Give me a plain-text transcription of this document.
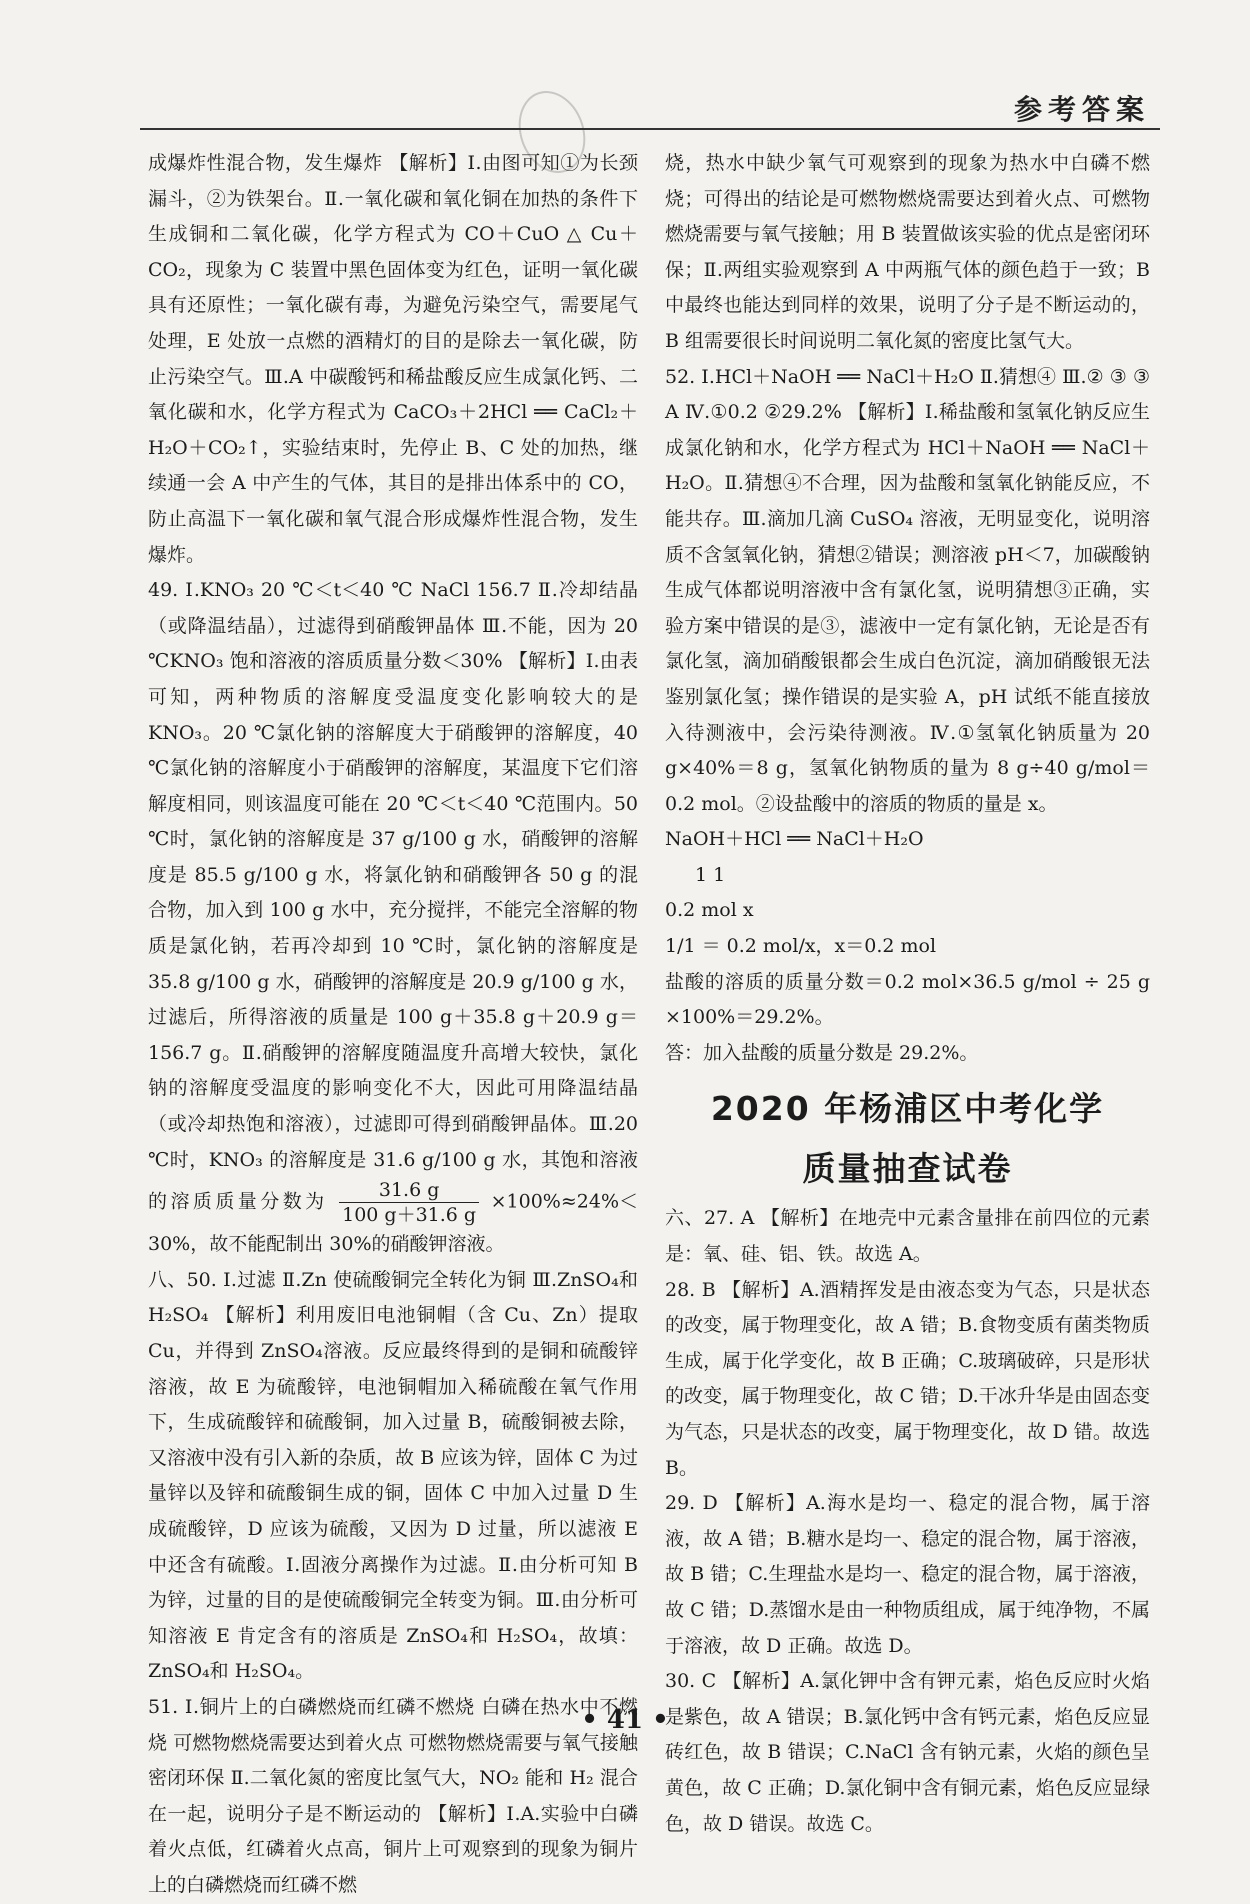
参考答案

成爆炸性混合物，发生爆炸 【解析】Ⅰ.由图可知①为长颈漏斗，②为铁架台。Ⅱ.一氧化碳和氧化铜在加热的条件下生成铜和二氧化碳，化学方程式为 CO＋CuO △ Cu＋CO₂，现象为 C 装置中黑色固体变为红色，证明一氧化碳具有还原性；一氧化碳有毒，为避免污染空气，需要尾气处理，E 处放一点燃的酒精灯的目的是除去一氧化碳，防止污染空气。Ⅲ.A 中碳酸钙和稀盐酸反应生成氯化钙、二氧化碳和水，化学方程式为 CaCO₃＋2HCl ══ CaCl₂＋H₂O＋CO₂↑，实验结束时，先停止 B、C 处的加热，继续通一会 A 中产生的气体，其目的是排出体系中的 CO，防止高温下一氧化碳和氧气混合形成爆炸性混合物，发生爆炸。

49. Ⅰ.KNO₃ 20 ℃＜t＜40 ℃ NaCl 156.7 Ⅱ.冷却结晶（或降温结晶），过滤得到硝酸钾晶体 Ⅲ.不能，因为 20 ℃KNO₃ 饱和溶液的溶质质量分数＜30% 【解析】Ⅰ.由表可知，两种物质的溶解度受温度变化影响较大的是 KNO₃。20 ℃氯化钠的溶解度大于硝酸钾的溶解度，40 ℃氯化钠的溶解度小于硝酸钾的溶解度，某温度下它们溶解度相同，则该温度可能在 20 ℃＜t＜40 ℃范围内。50 ℃时，氯化钠的溶解度是 37 g/100 g 水，硝酸钾的溶解度是 85.5 g/100 g 水，将氯化钠和硝酸钾各 50 g 的混合物，加入到 100 g 水中，充分搅拌，不能完全溶解的物质是氯化钠，若再冷却到 10 ℃时，氯化钠的溶解度是 35.8 g/100 g 水，硝酸钾的溶解度是 20.9 g/100 g 水，过滤后，所得溶液的质量是 100 g＋35.8 g＋20.9 g＝156.7 g。Ⅱ.硝酸钾的溶解度随温度升高增大较快，氯化钠的溶解度受温度的影响变化不大，因此可用降温结晶（或冷却热饱和溶液），过滤即可得到硝酸钾晶体。Ⅲ.20 ℃时，KNO₃ 的溶解度是 31.6 g/100 g 水，其饱和溶液的溶质质量分数为 $\frac{31.6 g}{100 g+31.6 g} \times 100\%\approx 24\%<30\%$，故不能配制出 30%的硝酸钾溶液。

八、50. Ⅰ.过滤 Ⅱ.Zn 使硫酸铜完全转化为铜 Ⅲ.ZnSO₄和 H₂SO₄ 【解析】利用废旧电池铜帽（含 Cu、Zn）提取 Cu，并得到 ZnSO₄溶液。反应最终得到的是铜和硫酸锌溶液，故 E 为硫酸锌，电池铜帽加入稀硫酸在氧气作用下，生成硫酸锌和硫酸铜，加入过量 B，硫酸铜被去除，又溶液中没有引入新的杂质，故 B 应该为锌，固体 C 为过量锌以及锌和硫酸铜生成的铜，固体 C 中加入过量 D 生成硫酸锌，D 应该为硫酸，又因为 D 过量，所以滤液 E 中还含有硫酸。Ⅰ.固液分离操作为过滤。Ⅱ.由分析可知 B 为锌，过量的目的是使硫酸铜完全转变为铜。Ⅲ.由分析可知溶液 E 肯定含有的溶质是 ZnSO₄和 H₂SO₄，故填：ZnSO₄和 H₂SO₄。

51. Ⅰ.铜片上的白磷燃烧而红磷不燃烧 白磷在热水中不燃烧 可燃物燃烧需要达到着火点 可燃物燃烧需要与氧气接触 密闭环保 Ⅱ.二氧化氮的密度比氢气大，NO₂ 能和 H₂ 混合在一起，说明分子是不断运动的 【解析】Ⅰ.A.实验中白磷着火点低，红磷着火点高，铜片上可观察到的现象为铜片上的白磷燃烧而红磷不燃

烧，热水中缺少氧气可观察到的现象为热水中白磷不燃烧；可得出的结论是可燃物燃烧需要达到着火点、可燃物燃烧需要与氧气接触；用 B 装置做该实验的优点是密闭环保；Ⅱ.两组实验观察到 A 中两瓶气体的颜色趋于一致；B 中最终也能达到同样的效果，说明了分子是不断运动的，B 组需要很长时间说明二氧化氮的密度比氢气大。

52. Ⅰ.HCl＋NaOH ══ NaCl＋H₂O Ⅱ.猜想④ Ⅲ.② ③ ③ A Ⅳ.①0.2 ②29.2% 【解析】Ⅰ.稀盐酸和氢氧化钠反应生成氯化钠和水，化学方程式为 HCl＋NaOH ══ NaCl＋H₂O。Ⅱ.猜想④不合理，因为盐酸和氢氧化钠能反应，不能共存。Ⅲ.滴加几滴 CuSO₄ 溶液，无明显变化，说明溶质不含氢氧化钠，猜想②错误；测溶液 pH＜7，加碳酸钠生成气体都说明溶液中含有氯化氢，说明猜想③正确，实验方案中错误的是③，滤液中一定有氯化钠，无论是否有氯化氢，滴加硝酸银都会生成白色沉淀，滴加硝酸银无法鉴别氯化氢；操作错误的是实验 A，pH 试纸不能直接放入待测液中，会污染待测液。Ⅳ.①氢氧化钠质量为 20 g×40%＝8 g，氢氧化钠物质的量为 8 g÷40 g/mol＝0.2 mol。②设盐酸中的溶质的物质的量是 x。

NaOH＋HCl ══ NaCl＋H₂O

1 1

0.2 mol x

1/1 ＝ 0.2 mol/x，x＝0.2 mol

盐酸的溶质的质量分数＝0.2 mol×36.5 g/mol ÷ 25 g ×100%＝29.2%。

答：加入盐酸的质量分数是 29.2%。

2020 年杨浦区中考化学
质量抽查试卷

六、27. A 【解析】在地壳中元素含量排在前四位的元素是：氧、硅、铝、铁。故选 A。

28. B 【解析】A.酒精挥发是由液态变为气态，只是状态的改变，属于物理变化，故 A 错；B.食物变质有菌类物质生成，属于化学变化，故 B 正确；C.玻璃破碎，只是形状的改变，属于物理变化，故 C 错；D.干冰升华是由固态变为气态，只是状态的改变，属于物理变化，故 D 错。故选 B。

29. D 【解析】A.海水是均一、稳定的混合物，属于溶液，故 A 错；B.糖水是均一、稳定的混合物，属于溶液，故 B 错；C.生理盐水是均一、稳定的混合物，属于溶液，故 C 错；D.蒸馏水是由一种物质组成，属于纯净物，不属于溶液，故 D 正确。故选 D。

30. C 【解析】A.氯化钾中含有钾元素，焰色反应时火焰是紫色，故 A 错误；B.氯化钙中含有钙元素，焰色反应显砖红色，故 B 错误；C.NaCl 含有钠元素，火焰的颜色呈黄色，故 C 正确；D.氯化铜中含有铜元素，焰色反应显绿色，故 D 错误。故选 C。

• 41 •
